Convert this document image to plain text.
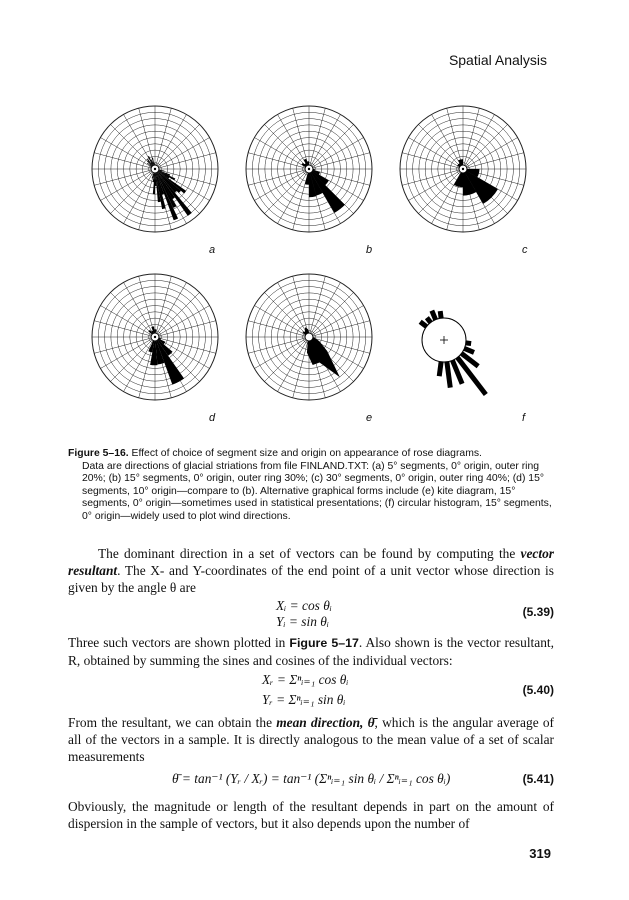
Spatial Analysis
a	b	c
d	e	f
Figure 5–16. Effect of choice of segment size and origin on appearance of rose diagrams.
Data are directions of glacial striations from file FINLAND.TXT: (a) 5° segments, 0° origin, outer ring 20%; (b) 15° segments, 0° origin, outer ring 30%; (c) 30° segments, 0° origin, outer ring 40%; (d) 15° segments, 10° origin—compare to (b). Alternative graphical forms include (e) kite diagram, 15° segments, 0° origin—sometimes used in statistical presentations; (f) circular histogram, 15° segments, 0° origin—widely used to plot wind directions.
The dominant direction in a set of vectors can be found by computing the vector resultant. The X- and Y-coordinates of the end point of a unit vector whose direction is given by the angle θ are
Xᵢ = cos θᵢ
Yᵢ = sin θᵢ
(5.39)
Three such vectors are shown plotted in Figure 5–17. Also shown is the vector resultant, R, obtained by summing the sines and cosines of the individual vectors:
Xᵣ = Σⁿᵢ₌₁ cos θᵢ
Yᵣ = Σⁿᵢ₌₁ sin θᵢ
(5.40)
From the resultant, we can obtain the mean direction, θ̄, which is the angular average of all of the vectors in a sample. It is directly analogous to the mean value of a set of scalar measurements
θ̄ = tan⁻¹ (Yᵣ / Xᵣ) = tan⁻¹ (Σⁿᵢ₌₁ sin θᵢ / Σⁿᵢ₌₁ cos θᵢ)	(5.41)
Obviously, the magnitude or length of the resultant depends in part on the amount of dispersion in the sample of vectors, but it also depends upon the number of
319
